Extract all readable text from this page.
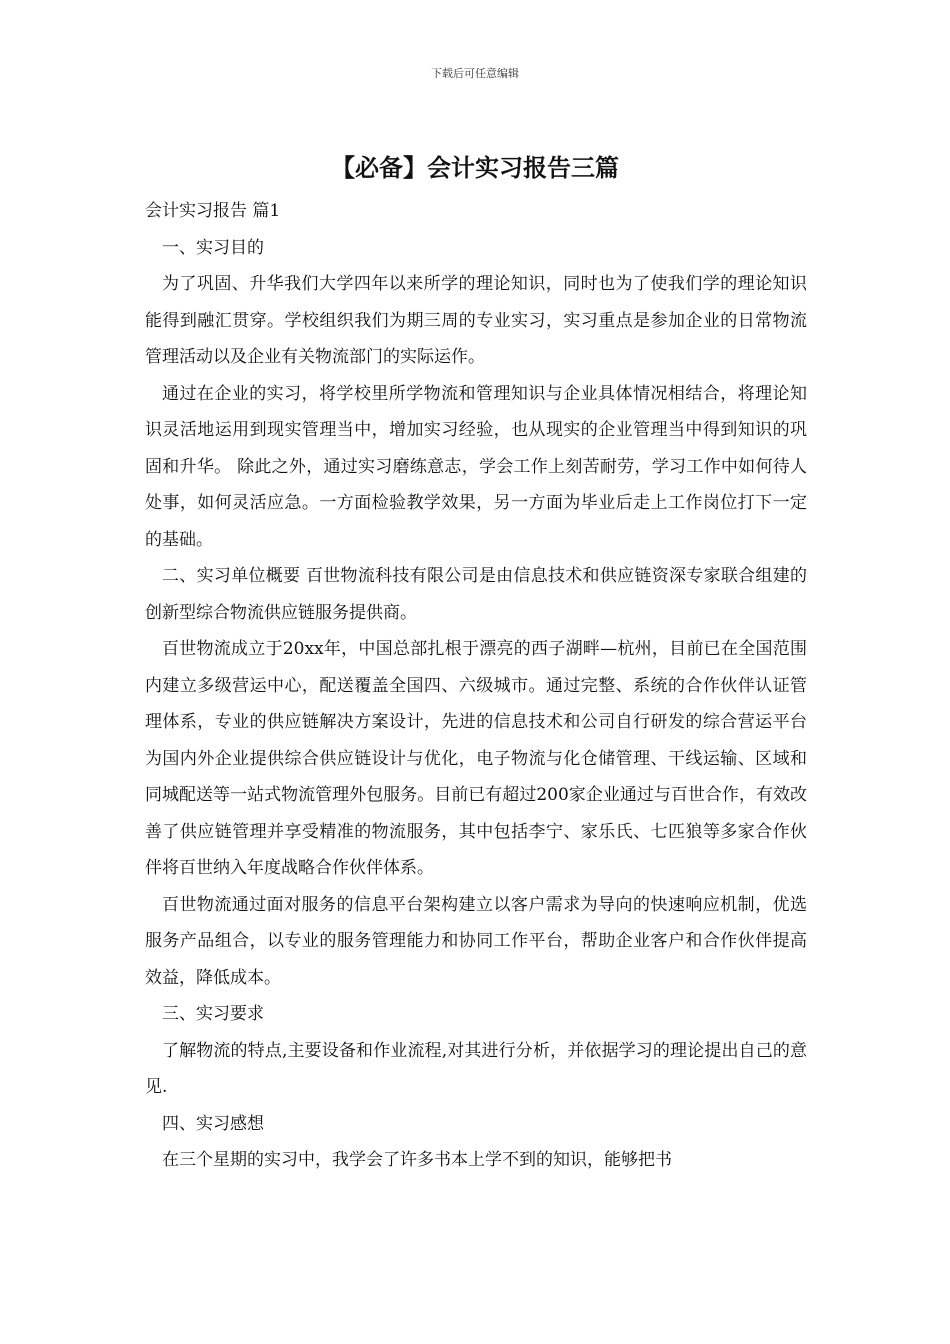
下载后可任意编辑
【必备】会计实习报告三篇

会计实习报告 篇1

一、实习目的

为了巩固、升华我们大学四年以来所学的理论知识，同时也为了使我们学的理论知识能得到融汇贯穿。学校组织我们为期三周的专业实习，实习重点是参加企业的日常物流管理活动以及企业有关物流部门的实际运作。

通过在企业的实习，将学校里所学物流和管理知识与企业具体情况相结合，将理论知识灵活地运用到现实管理当中，增加实习经验，也从现实的企业管理当中得到知识的巩固和升华。 除此之外，通过实习磨练意志，学会工作上刻苦耐劳，学习工作中如何待人处事，如何灵活应急。一方面检验教学效果，另一方面为毕业后走上工作岗位打下一定的基础。

二、实习单位概要 百世物流科技有限公司是由信息技术和供应链资深专家联合组建的创新型综合物流供应链服务提供商。

百世物流成立于20xx年，中国总部扎根于漂亮的西子湖畔—杭州，目前已在全国范围内建立多级营运中心，配送覆盖全国四、六级城市。通过完整、系统的合作伙伴认证管理体系，专业的供应链解决方案设计，先进的信息技术和公司自行研发的综合营运平台为国内外企业提供综合供应链设计与优化，电子物流与化仓储管理、干线运输、区域和同城配送等一站式物流管理外包服务。目前已有超过200家企业通过与百世合作，有效改善了供应链管理并享受精准的物流服务，其中包括李宁、家乐氏、七匹狼等多家合作伙伴将百世纳入年度战略合作伙伴体系。

百世物流通过面对服务的信息平台架构建立以客户需求为导向的快速响应机制，优选服务产品组合，以专业的服务管理能力和协同工作平台，帮助企业客户和合作伙伴提高效益，降低成本。

三、实习要求

了解物流的特点,主要设备和作业流程,对其进行分析，并依据学习的理论提出自己的意见.

四、实习感想

在三个星期的实习中，我学会了许多书本上学不到的知识，能够把书
